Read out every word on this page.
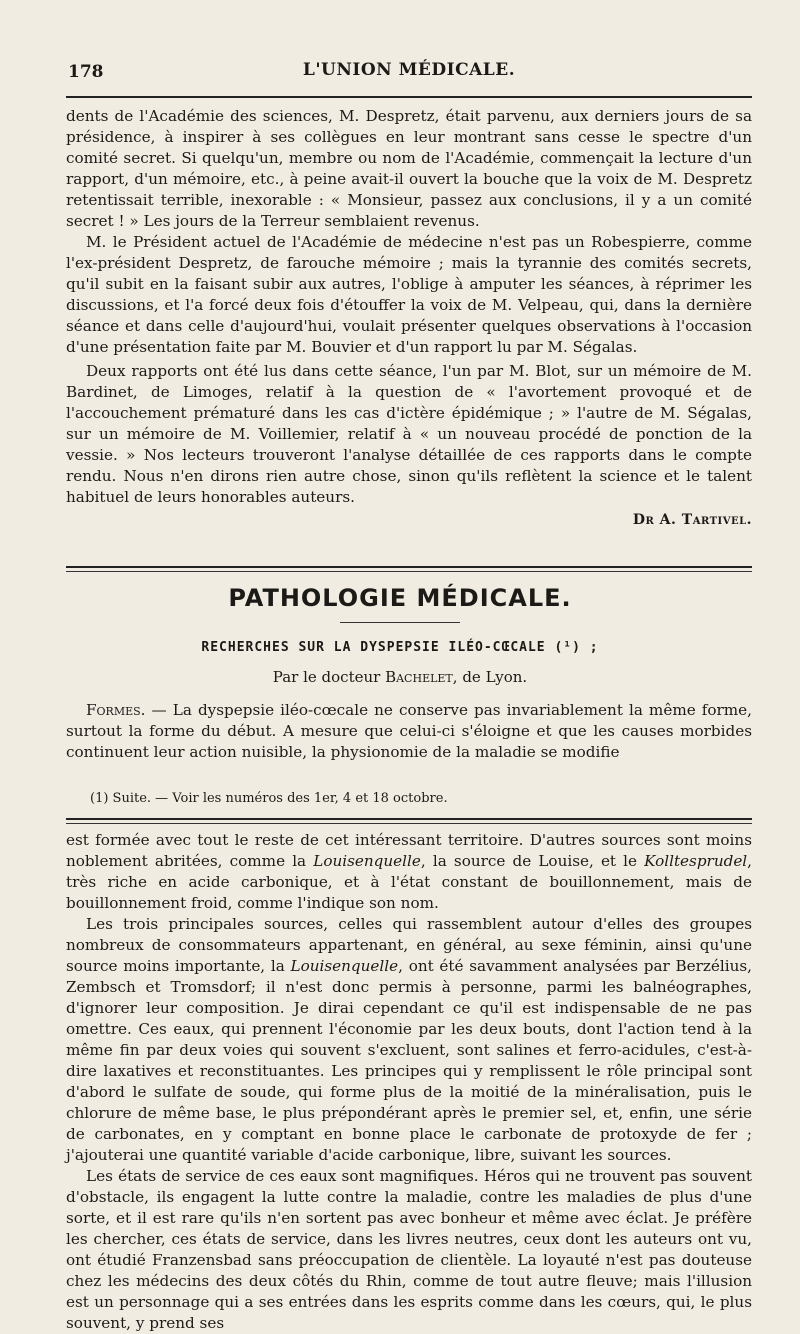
178	L'UNION MÉDICALE.

dents de l'Académie des sciences, M. Despretz, était parvenu, aux derniers jours de sa présidence, à inspirer à ses collègues en leur montrant sans cesse le spectre d'un comité secret. Si quelqu'un, membre ou nom de l'Académie, commençait la lecture d'un rapport, d'un mémoire, etc., à peine avait-il ouvert la bouche que la voix de M. Despretz retentissait terrible, inexorable : « Monsieur, passez aux conclusions, il y a un comité secret ! » Les jours de la Terreur semblaient revenus.

M. le Président actuel de l'Académie de médecine n'est pas un Robespierre, comme l'ex-président Despretz, de farouche mémoire ; mais la tyrannie des comités secrets, qu'il subit en la faisant subir aux autres, l'oblige à amputer les séances, à réprimer les discussions, et l'a forcé deux fois d'étouffer la voix de M. Velpeau, qui, dans la dernière séance et dans celle d'aujourd'hui, voulait présenter quelques observations à l'occasion d'une présentation faite par M. Bouvier et d'un rapport lu par M. Ségalas.

Deux rapports ont été lus dans cette séance, l'un par M. Blot, sur un mémoire de M. Bardinet, de Limoges, relatif à la question de « l'avortement provoqué et de l'accouchement prématuré dans les cas d'ictère épidémique ; » l'autre de M. Ségalas, sur un mémoire de M. Voillemier, relatif à « un nouveau procédé de ponction de la vessie. » Nos lecteurs trouveront l'analyse détaillée de ces rapports dans le compte rendu. Nous n'en dirons rien autre chose, sinon qu'ils reflètent la science et le talent habituel de leurs honorables auteurs.

Dr A. Tartivel.
PATHOLOGIE MÉDICALE.
RECHERCHES SUR LA DYSPEPSIE ILÉO-CŒCALE (¹) ;
Par le docteur Bachelet, de Lyon.

Formes. — La dyspepsie iléo-cœcale ne conserve pas invariablement la même forme, surtout la forme du début. A mesure que celui-ci s'éloigne et que les causes morbides continuent leur action nuisible, la physionomie de la maladie se modifie

(1) Suite. — Voir les numéros des 1er, 4 et 18 octobre.

est formée avec tout le reste de cet intéressant territoire. D'autres sources sont moins noblement abritées, comme la Louisenquelle, la source de Louise, et le Kolltesprudel, très riche en acide carbonique, et à l'état constant de bouillonnement, mais de bouillonnement froid, comme l'indique son nom.

Les trois principales sources, celles qui rassemblent autour d'elles des groupes nombreux de consommateurs appartenant, en général, au sexe féminin, ainsi qu'une source moins importante, la Louisenquelle, ont été savamment analysées par Berzélius, Zembsch et Tromsdorf; il n'est donc permis à personne, parmi les balnéographes, d'ignorer leur composition. Je dirai cependant ce qu'il est indispensable de ne pas omettre. Ces eaux, qui prennent l'économie par les deux bouts, dont l'action tend à la même fin par deux voies qui souvent s'excluent, sont salines et ferro-acidules, c'est-à-dire laxatives et reconstituantes. Les principes qui y remplissent le rôle principal sont d'abord le sulfate de soude, qui forme plus de la moitié de la minéralisation, puis le chlorure de même base, le plus prépondérant après le premier sel, et, enfin, une série de carbonates, en y comptant en bonne place le carbonate de protoxyde de fer ; j'ajouterai une quantité variable d'acide carbonique, libre, suivant les sources.

Les états de service de ces eaux sont magnifiques. Héros qui ne trouvent pas souvent d'obstacle, ils engagent la lutte contre la maladie, contre les maladies de plus d'une sorte, et il est rare qu'ils n'en sortent pas avec bonheur et même avec éclat. Je préfère les chercher, ces états de service, dans les livres neutres, ceux dont les auteurs ont vu, ont étudié Franzensbad sans préoccupation de clientèle. La loyauté n'est pas douteuse chez les médecins des deux côtés du Rhin, comme de tout autre fleuve; mais l'illusion est un personnage qui a ses entrées dans les esprits comme dans les cœurs, qui, le plus souvent, y prend ses
